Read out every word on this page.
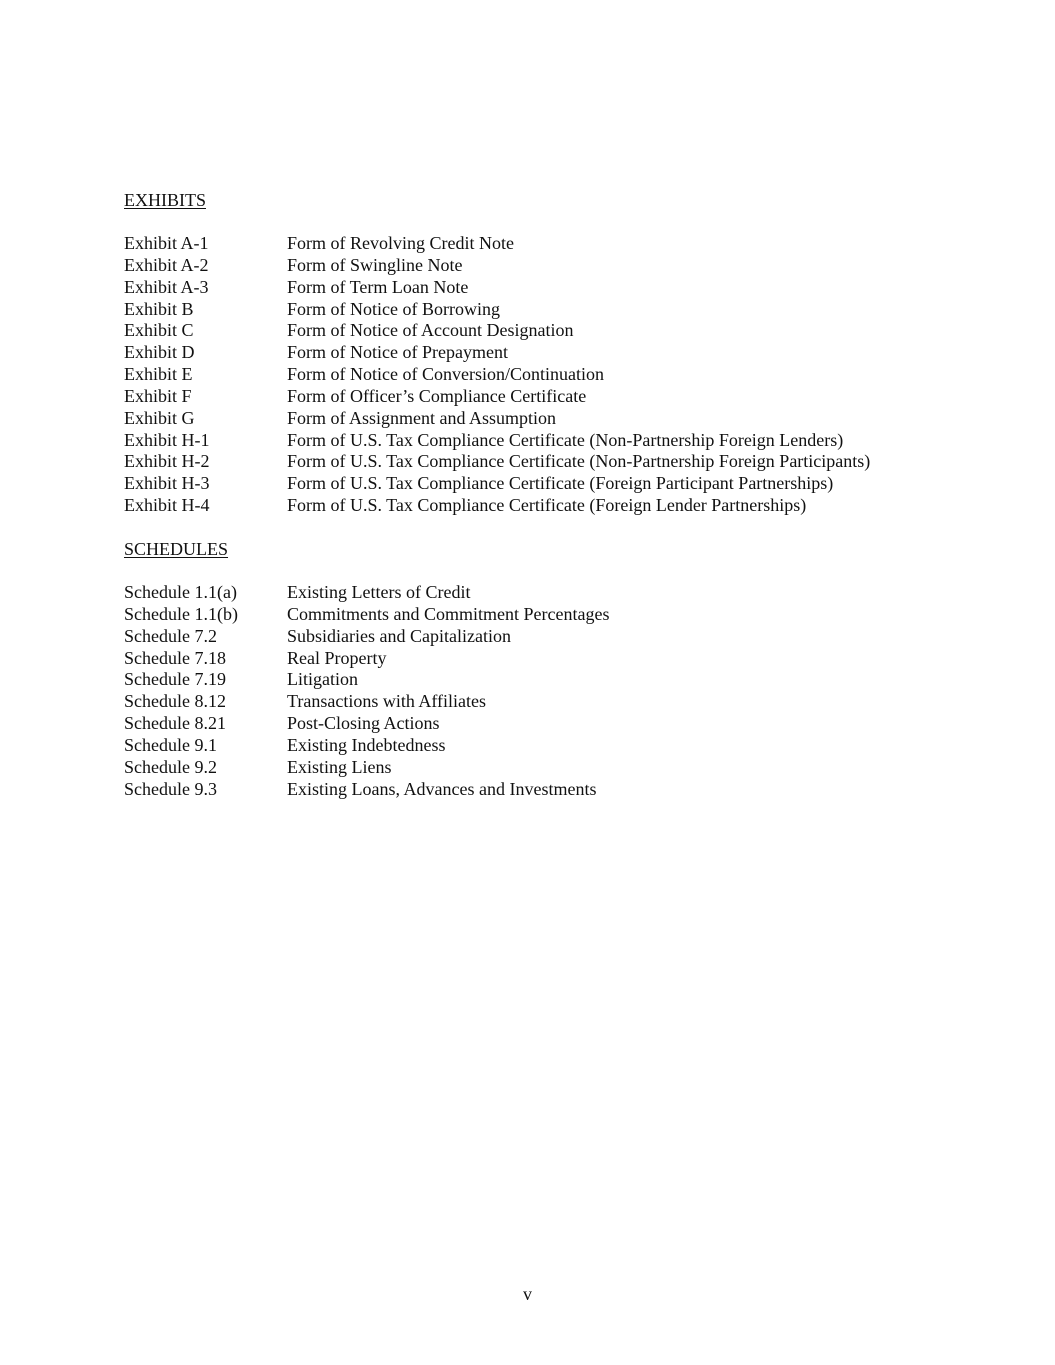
EXHIBITS
Exhibit A-1	Form of Revolving Credit Note
Exhibit A-2	Form of Swingline Note
Exhibit A-3	Form of Term Loan Note
Exhibit B	Form of Notice of Borrowing
Exhibit C	Form of Notice of Account Designation
Exhibit D	Form of Notice of Prepayment
Exhibit E	Form of Notice of Conversion/Continuation
Exhibit F	Form of Officer’s Compliance Certificate
Exhibit G	Form of Assignment and Assumption
Exhibit H-1	Form of U.S. Tax Compliance Certificate (Non-Partnership Foreign Lenders)
Exhibit H-2	Form of U.S. Tax Compliance Certificate (Non-Partnership Foreign Participants)
Exhibit H-3	Form of U.S. Tax Compliance Certificate (Foreign Participant Partnerships)
Exhibit H-4	Form of U.S. Tax Compliance Certificate (Foreign Lender Partnerships)
SCHEDULES
Schedule 1.1(a)	Existing Letters of Credit
Schedule 1.1(b)	Commitments and Commitment Percentages
Schedule 7.2	Subsidiaries and Capitalization
Schedule 7.18	Real Property
Schedule 7.19	Litigation
Schedule 8.12	Transactions with Affiliates
Schedule 8.21	Post-Closing Actions
Schedule 9.1	Existing Indebtedness
Schedule 9.2	Existing Liens
Schedule 9.3	Existing Loans, Advances and Investments
v
